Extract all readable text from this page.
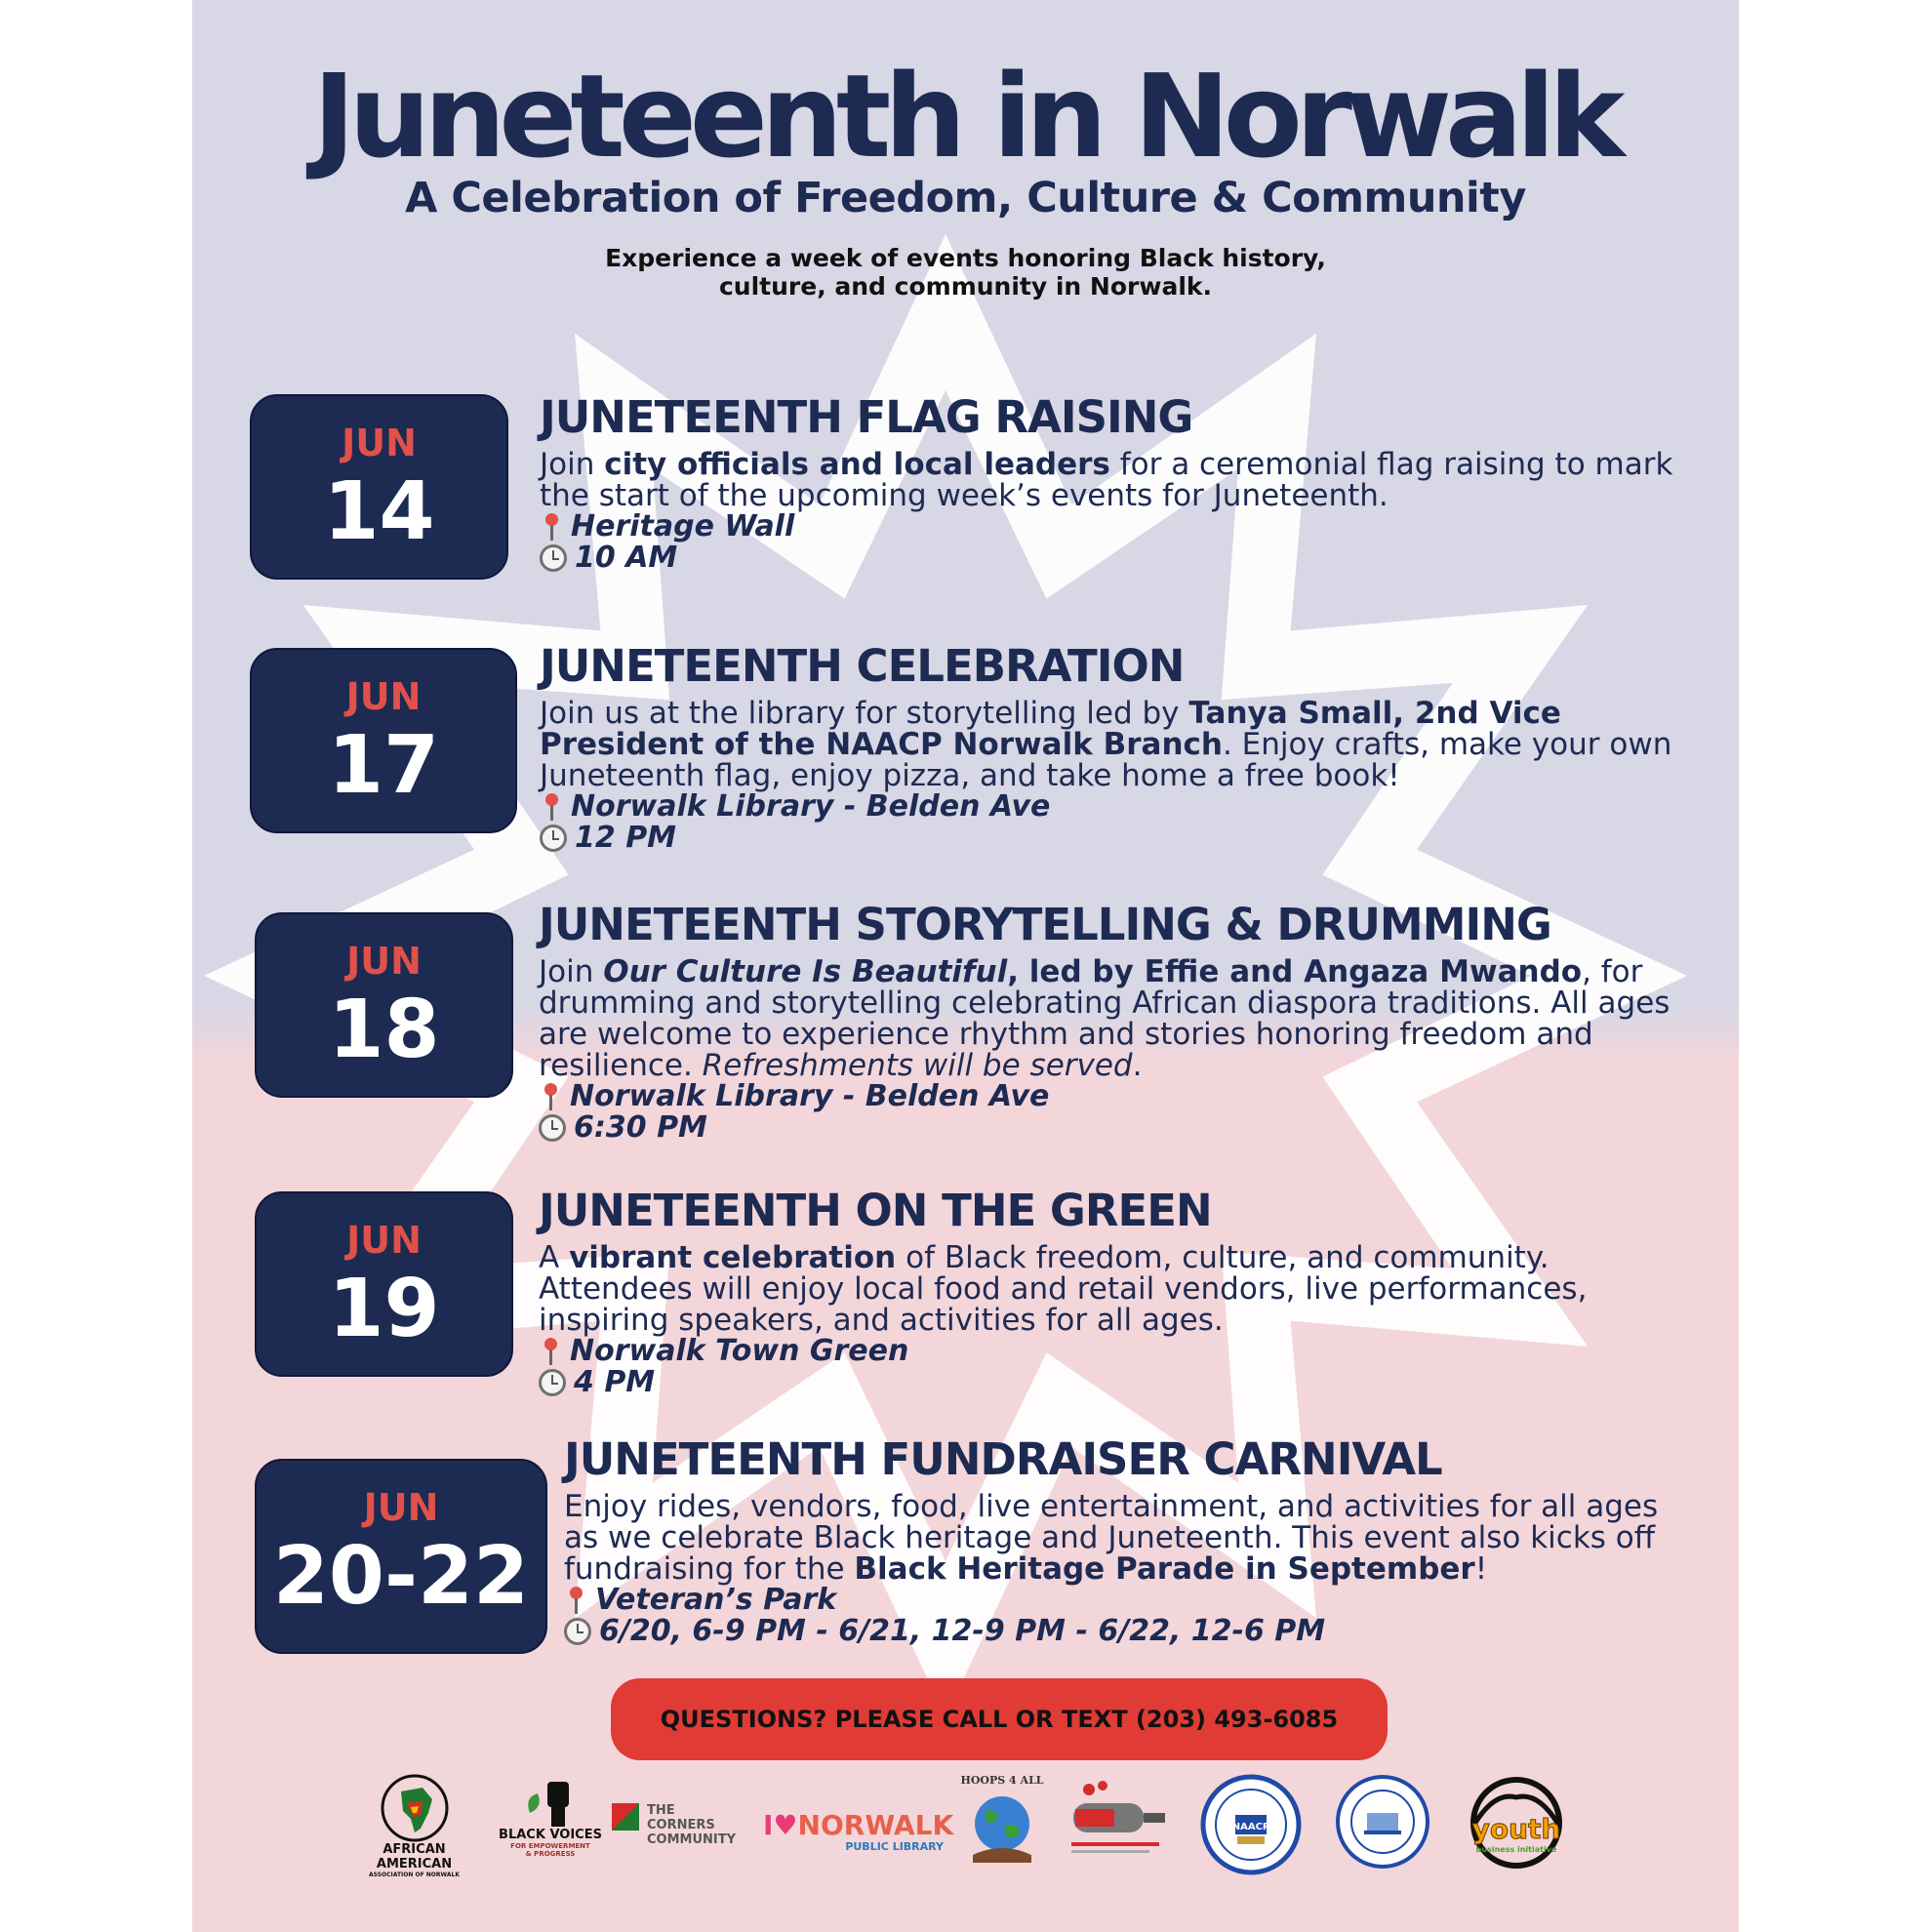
Juneteenth in Norwalk
A Celebration of Freedom, Culture & Community
Experience a week of events honoring Black history,
culture, and community in Norwalk.
JUN
14
JUNETEENTH FLAG RAISING
Join city officials and local leaders for a ceremonial flag raising to mark the start of the upcoming week’s events for Juneteenth.
Heritage Wall
10 AM
JUN
17
JUNETEENTH CELEBRATION
Join us at the library for storytelling led by Tanya Small, 2nd Vice President of the NAACP Norwalk Branch. Enjoy crafts, make your own Juneteenth flag, enjoy pizza, and take home a free book!
Norwalk Library - Belden Ave
12 PM
JUN
18
JUNETEENTH STORYTELLING & DRUMMING
Join Our Culture Is Beautiful, led by Effie and Angaza Mwando, for drumming and storytelling celebrating African diaspora traditions. All ages are welcome to experience rhythm and stories honoring freedom and resilience. Refreshments will be served.
Norwalk Library - Belden Ave
6:30 PM
JUN
19
JUNETEENTH ON THE GREEN
A vibrant celebration of Black freedom, culture, and community. Attendees will enjoy local food and retail vendors, live performances, inspiring speakers, and activities for all ages.
Norwalk Town Green
4 PM
JUN
20-22
JUNETEENTH FUNDRAISER CARNIVAL
Enjoy rides, vendors, food, live entertainment, and activities for all ages as we celebrate Black heritage and Juneteenth. This event also kicks off fundraising for the Black Heritage Parade in September!
Veteran’s Park
6/20, 6-9 PM - 6/21, 12-9 PM - 6/22, 12-6 PM
QUESTIONS? PLEASE CALL OR TEXT (203) 493-6085
AFRICAN AMERICAN
ASSOCIATION OF NORWALK
BLACK VOICES
FOR EMPOWERMENT
& PROGRESS
THE
CORNERS
COMMUNITY I♥NORWALK
PUBLIC LIBRARY
HOOPS 4 ALL
NAACP	youth
business initiative
